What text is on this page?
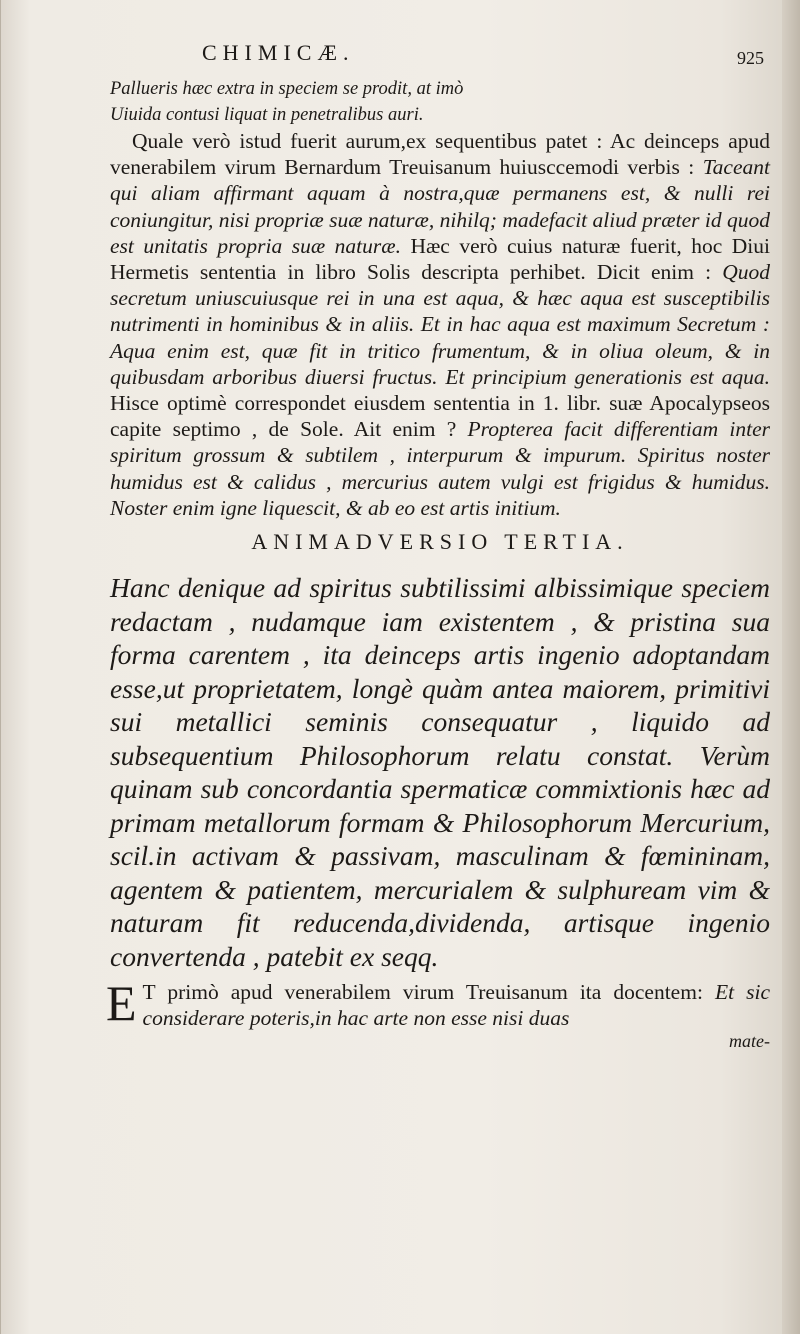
CHIMICÆ.	925

Pallueris hæc extra in speciem se prodit, at imò

Uiuida contusi liquat in penetralibus auri.

Quale verò istud fuerit aurum,ex sequentibus patet : Ac deinceps apud venerabilem virum Bernardum Treuisanum huiusccemodi verbis : Taceant qui aliam affirmant aquam à nostra,quæ permanens est, & nulli rei coniungitur, nisi propriæ suæ naturæ, nihilq; madefacit aliud præter id quod est unitatis propria suæ naturæ. Hæc verò cuius naturæ fuerit, hoc Diui Hermetis sententia in libro Solis descripta perhibet. Dicit enim : Quod secretum uniuscuiusque rei in una est aqua, & hæc aqua est susceptibilis nutrimenti in hominibus & in aliis. Et in hac aqua est maximum Secretum : Aqua enim est, quæ fit in tritico frumentum, & in oliua oleum, & in quibusdam arboribus diuersi fructus. Et principium generationis est aqua. Hisce optimè correspondet eiusdem sententia in 1. libr. suæ Apocalypseos capite septimo , de Sole. Ait enim ? Propterea facit differentiam inter spiritum grossum & subtilem , interpurum & impurum. Spiritus noster humidus est & calidus , mercurius autem vulgi est frigidus & humidus. Noster enim igne liquescit, & ab eo est artis initium.

ANIMADVERSIO TERTIA.

Hanc denique ad spiritus subtilissimi albissimique speciem redactam , nudamque iam existentem , & pristina sua forma carentem , ita deinceps artis ingenio adoptandam esse,ut proprietatem, longè quàm antea maiorem, primitivi sui metallici seminis consequatur , liquido ad subsequentium Philosophorum relatu constat. Verùm quinam sub concordantia spermaticæ commixtionis hæc ad primam metallorum formam & Philosophorum Mercurium, scil.in activam & passivam, masculinam & fœmininam, agentem & patientem, mercurialem & sulphuream vim & naturam fit reducenda,dividenda, artisque ingenio convertenda , patebit ex seqq.

E T primò apud venerabilem virum Treuisanum ita docentem: Et sic considerare poteris,in hac arte non esse nisi duas

mate-
